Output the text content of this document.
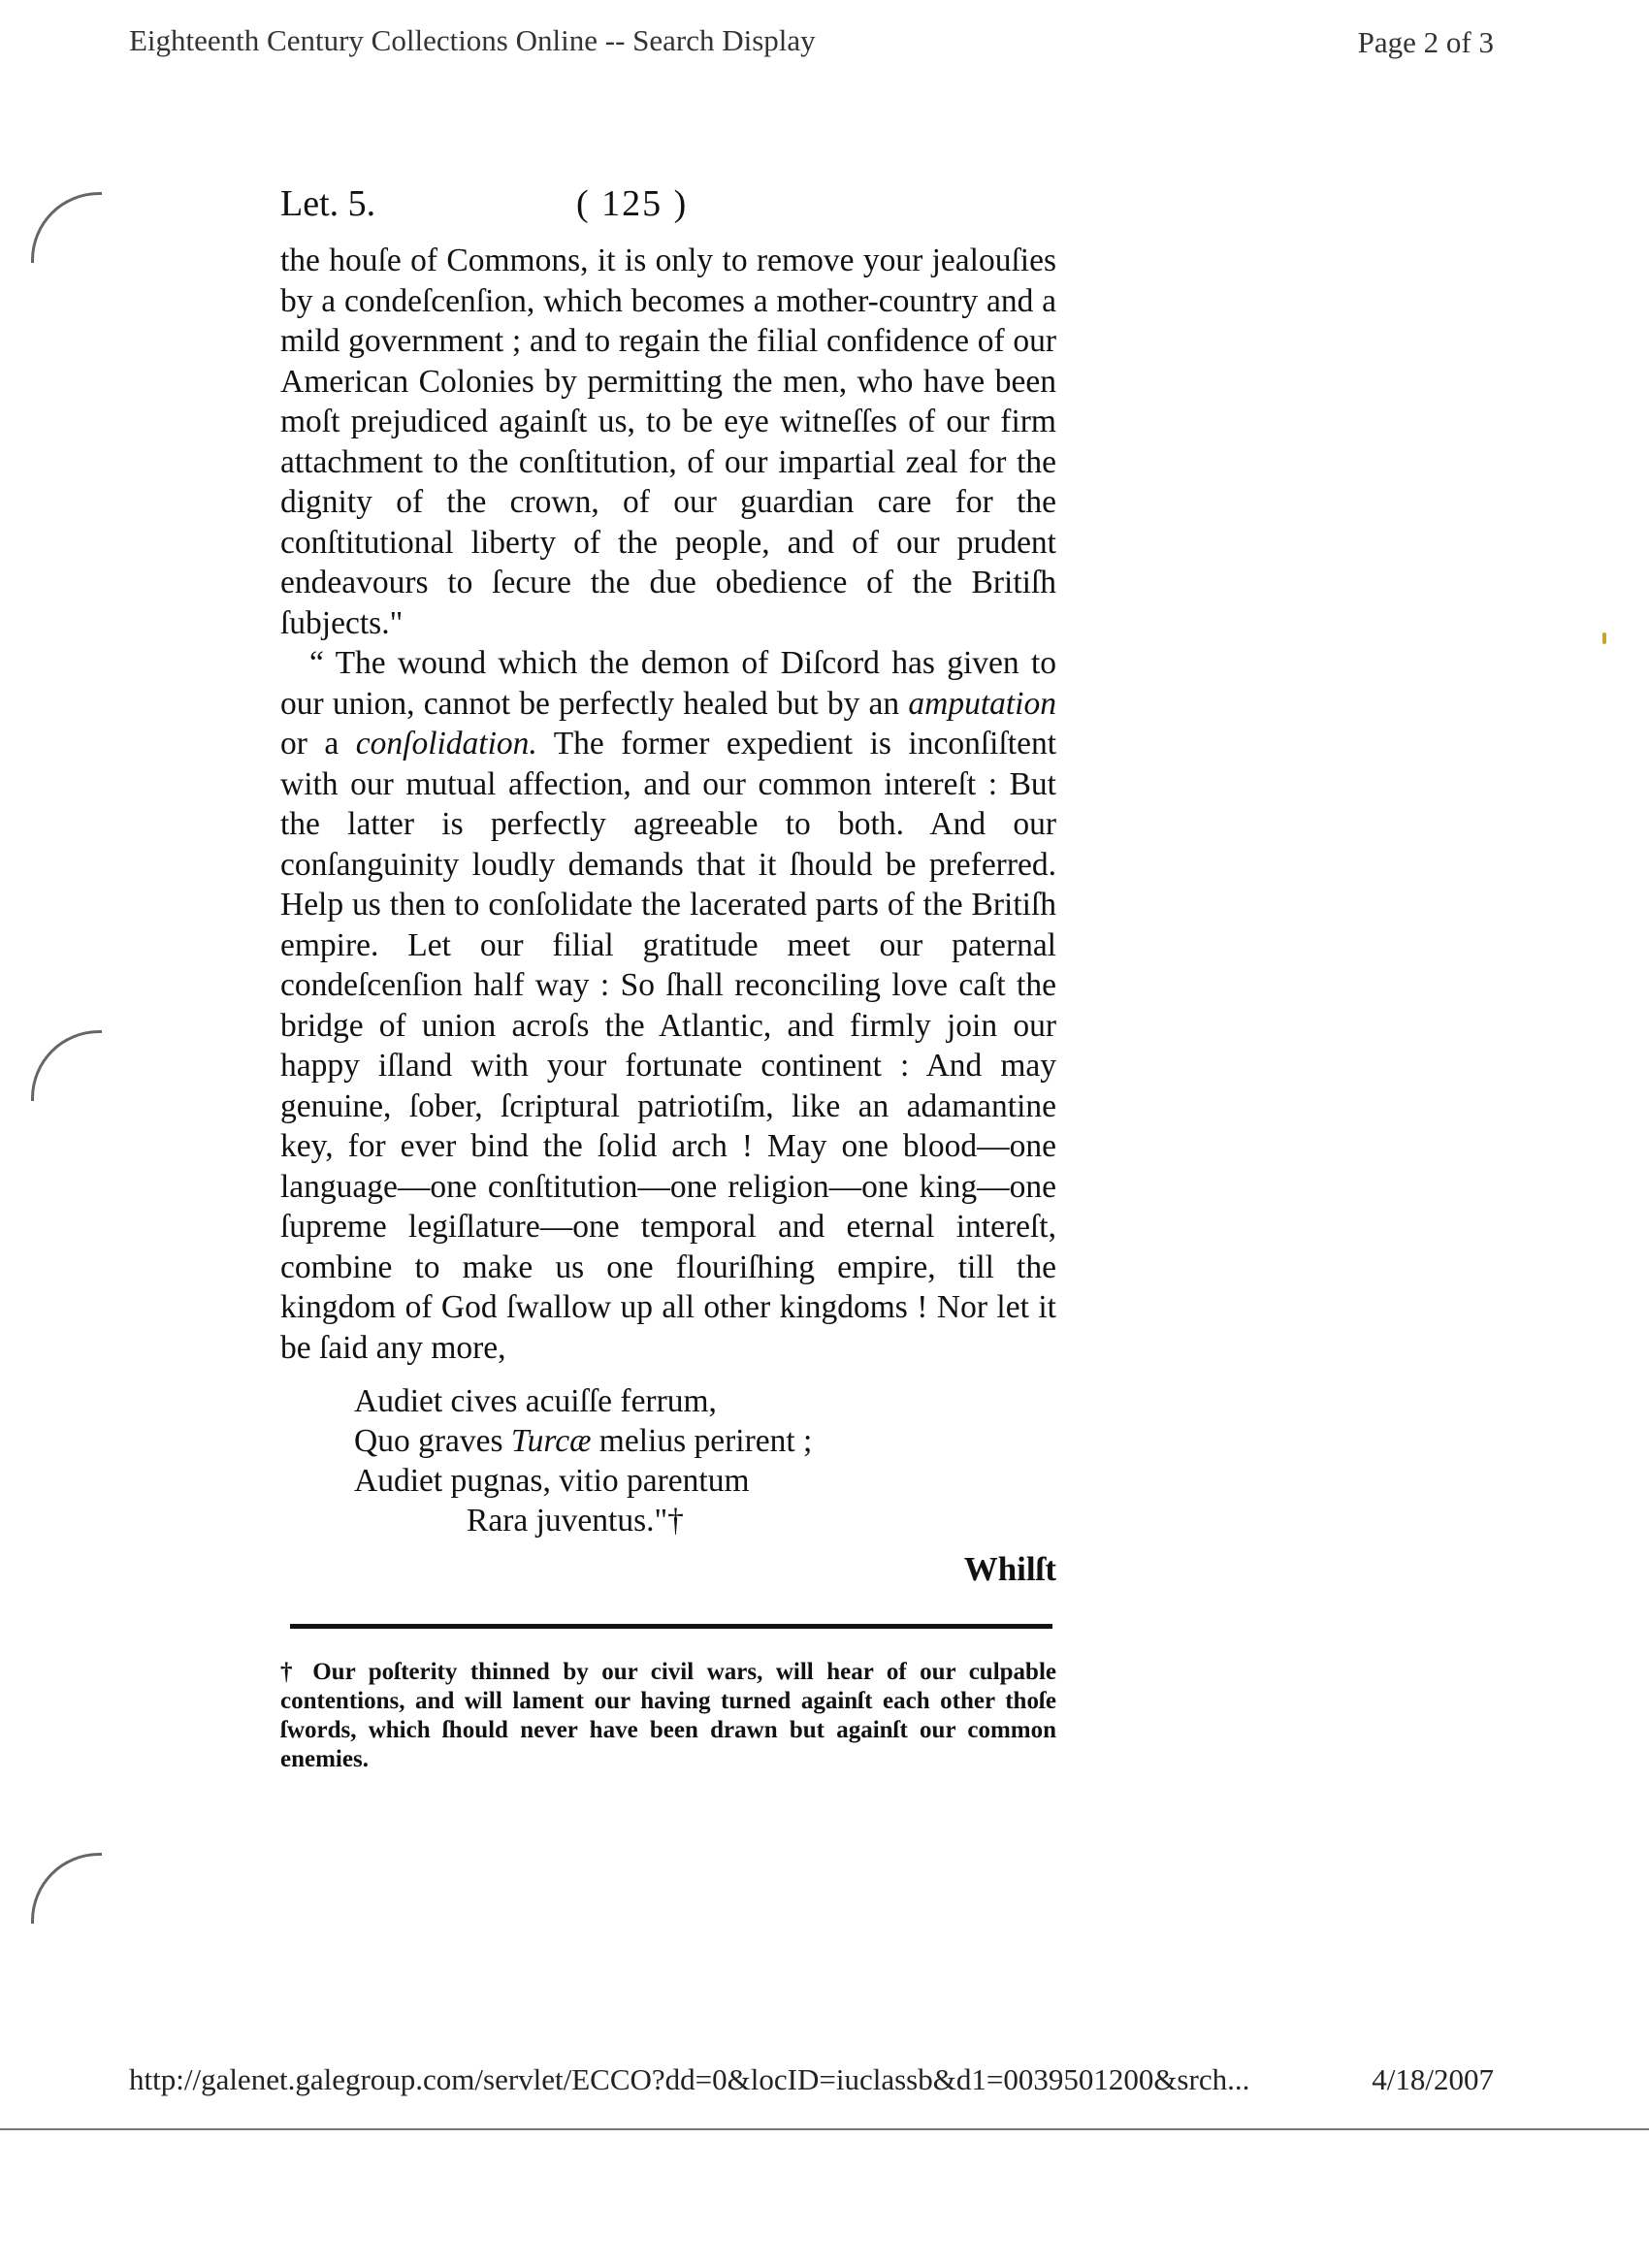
Eighteenth Century Collections Online -- Search Display	Page 2 of 3
Let. 5.	( 125 )

the houſe of Commons, it is only to remove your jealouſies by a condeſcenſion, which becomes a mother-country and a mild government ; and to regain the filial confidence of our American Colonies by permitting the men, who have been moſt prejudiced againſt us, to be eye witneſſes of our firm attachment to the conſtitution, of our impartial zeal for the dignity of the crown, of our guardian care for the conſtitutional liberty of the people, and of our prudent endeavours to ſecure the due obedience of the Britiſh ſubjects."

“ The wound which the demon of Diſcord has given to our union, cannot be perfectly healed but by an amputation or a conſolidation. The former expedient is inconſiſtent with our mutual affection, and our common intereſt : But the latter is perfectly agreeable to both. And our conſanguinity loudly demands that it ſhould be preferred. Help us then to conſolidate the lacerated parts of the Britiſh empire. Let our filial gratitude meet our paternal condeſcenſion half way : So ſhall reconciling love caſt the bridge of union acroſs the Atlantic, and firmly join our happy iſland with your fortunate continent : And may genuine, ſober, ſcriptural patriotiſm, like an adamantine key, for ever bind the ſolid arch ! May one blood—one language—one conſtitution—one religion—one king—one ſupreme legiſlature—one temporal and eternal intereſt, combine to make us one flouriſhing empire, till the kingdom of God ſwallow up all other kingdoms ! Nor let it be ſaid any more,

Audiet cives acuiſſe ferrum,
Quo graves Turcæ melius perirent ;
Audiet pugnas, vitio parentum
Rara juventus."†
Whilſt
† Our poſterity thinned by our civil wars, will hear of our culpable contentions, and will lament our having turned againſt each other thoſe ſwords, which ſhould never have been drawn but againſt our common enemies.
http://galenet.galegroup.com/servlet/ECCO?dd=0&locID=iuclassb&d1=0039501200&srch...	4/18/2007
